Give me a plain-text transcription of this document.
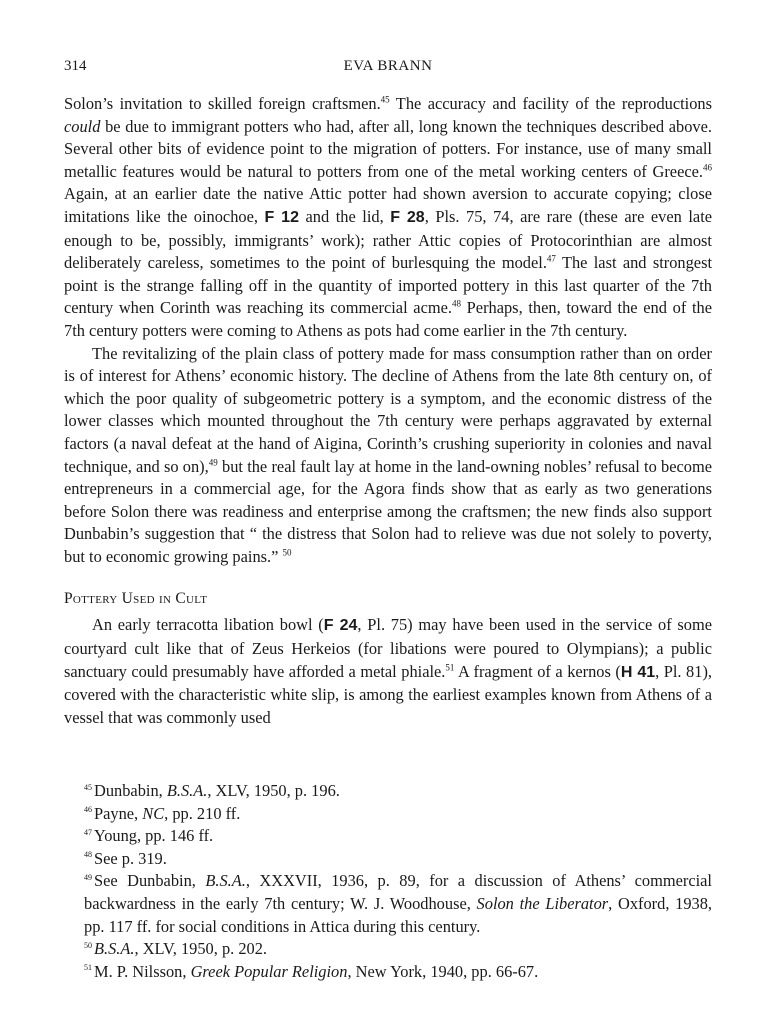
314	EVA BRANN

Solon’s invitation to skilled foreign craftsmen.$^{45}$ The accuracy and facility of the reproductions could be due to immigrant potters who had, after all, long known the techniques described above. Several other bits of evidence point to the migration of potters. For instance, use of many small metallic features would be natural to potters from one of the metal working centers of Greece.$^{46}$ Again, at an earlier date the native Attic potter had shown aversion to accurate copying; close imitations like the oinochoe, F 12 and the lid, F 28, Pls. 75, 74, are rare (these are even late enough to be, possibly, immigrants’ work); rather Attic copies of Protocorinthian are almost deliberately careless, sometimes to the point of burlesquing the model.$^{47}$ The last and strongest point is the strange falling off in the quantity of imported pottery in this last quarter of the 7th century when Corinth was reaching its commercial acme.$^{48}$ Perhaps, then, toward the end of the 7th century potters were coming to Athens as pots had come earlier in the 7th century.

The revitalizing of the plain class of pottery made for mass consumption rather than on order is of interest for Athens’ economic history. The decline of Athens from the late 8th century on, of which the poor quality of subgeometric pottery is a symptom, and the economic distress of the lower classes which mounted throughout the 7th century were perhaps aggravated by external factors (a naval defeat at the hand of Aigina, Corinth’s crushing superiority in colonies and naval technique, and so on),$^{49}$ but the real fault lay at home in the land-owning nobles’ refusal to become entrepreneurs in a commercial age, for the Agora finds show that as early as two generations before Solon there was readiness and enterprise among the craftsmen; the new finds also support Dunbabin’s suggestion that “ the distress that Solon had to relieve was due not solely to poverty, but to economic growing pains.” $^{50}$

Pottery Used in Cult

An early terracotta libation bowl (F 24, Pl. 75) may have been used in the service of some courtyard cult like that of Zeus Herkeios (for libations were poured to Olympians); a public sanctuary could presumably have afforded a metal phiale.$^{51}$ A fragment of a kernos (H 41, Pl. 81), covered with the characteristic white slip, is among the earliest examples known from Athens of a vessel that was commonly used

$^{45}$ Dunbabin, B.S.A., XLV, 1950, p. 196.

$^{46}$ Payne, NC, pp. 210 ff.

$^{47}$ Young, pp. 146 ff.

$^{48}$ See p. 319.

$^{49}$ See Dunbabin, B.S.A., XXXVII, 1936, p. 89, for a discussion of Athens’ commercial backwardness in the early 7th century; W. J. Woodhouse, Solon the Liberator, Oxford, 1938, pp. 117 ff. for social conditions in Attica during this century.

$^{50}$ B.S.A., XLV, 1950, p. 202.

$^{51}$ M. P. Nilsson, Greek Popular Religion, New York, 1940, pp. 66-67.
